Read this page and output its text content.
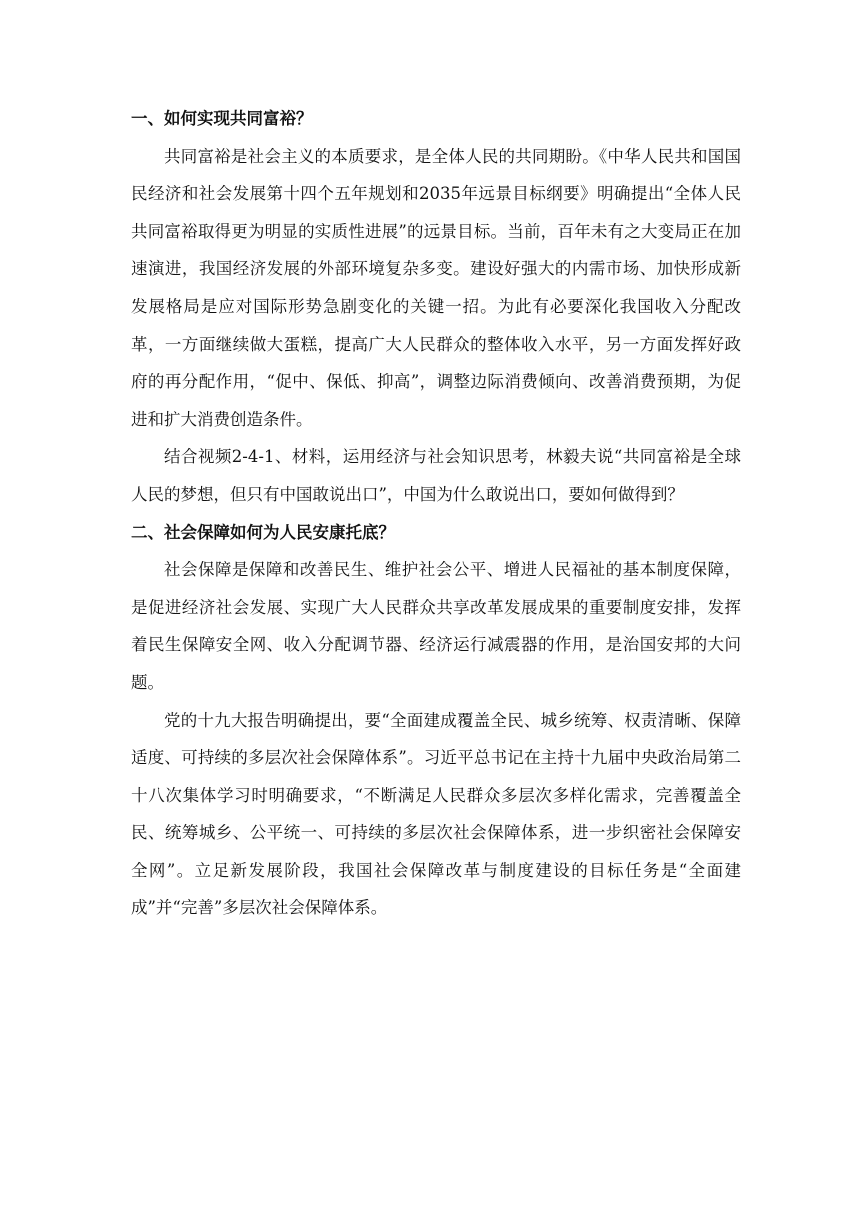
一、如何实现共同富裕？

共同富裕是社会主义的本质要求，是全体人民的共同期盼。《中华人民共和国国民经济和社会发展第十四个五年规划和2035年远景目标纲要》明确提出“全体人民共同富裕取得更为明显的实质性进展”的远景目标。当前，百年未有之大变局正在加速演进，我国经济发展的外部环境复杂多变。建设好强大的内需市场、加快形成新发展格局是应对国际形势急剧变化的关键一招。为此有必要深化我国收入分配改革，一方面继续做大蛋糕，提高广大人民群众的整体收入水平，另一方面发挥好政府的再分配作用，“促中、保低、抑高”，调整边际消费倾向、改善消费预期，为促进和扩大消费创造条件。

结合视频2-4-1、材料，运用经济与社会知识思考，林毅夫说“共同富裕是全球人民的梦想，但只有中国敢说出口”，中国为什么敢说出口，要如何做得到？

二、社会保障如何为人民安康托底？

社会保障是保障和改善民生、维护社会公平、增进人民福祉的基本制度保障，是促进经济社会发展、实现广大人民群众共享改革发展成果的重要制度安排，发挥着民生保障安全网、收入分配调节器、经济运行减震器的作用，是治国安邦的大问题。

党的十九大报告明确提出，要“全面建成覆盖全民、城乡统筹、权责清晰、保障适度、可持续的多层次社会保障体系”。习近平总书记在主持十九届中央政治局第二十八次集体学习时明确要求，“不断满足人民群众多层次多样化需求，完善覆盖全民、统筹城乡、公平统一、可持续的多层次社会保障体系，进一步织密社会保障安全网”。立足新发展阶段，我国社会保障改革与制度建设的目标任务是“全面建成”并“完善”多层次社会保障体系。
